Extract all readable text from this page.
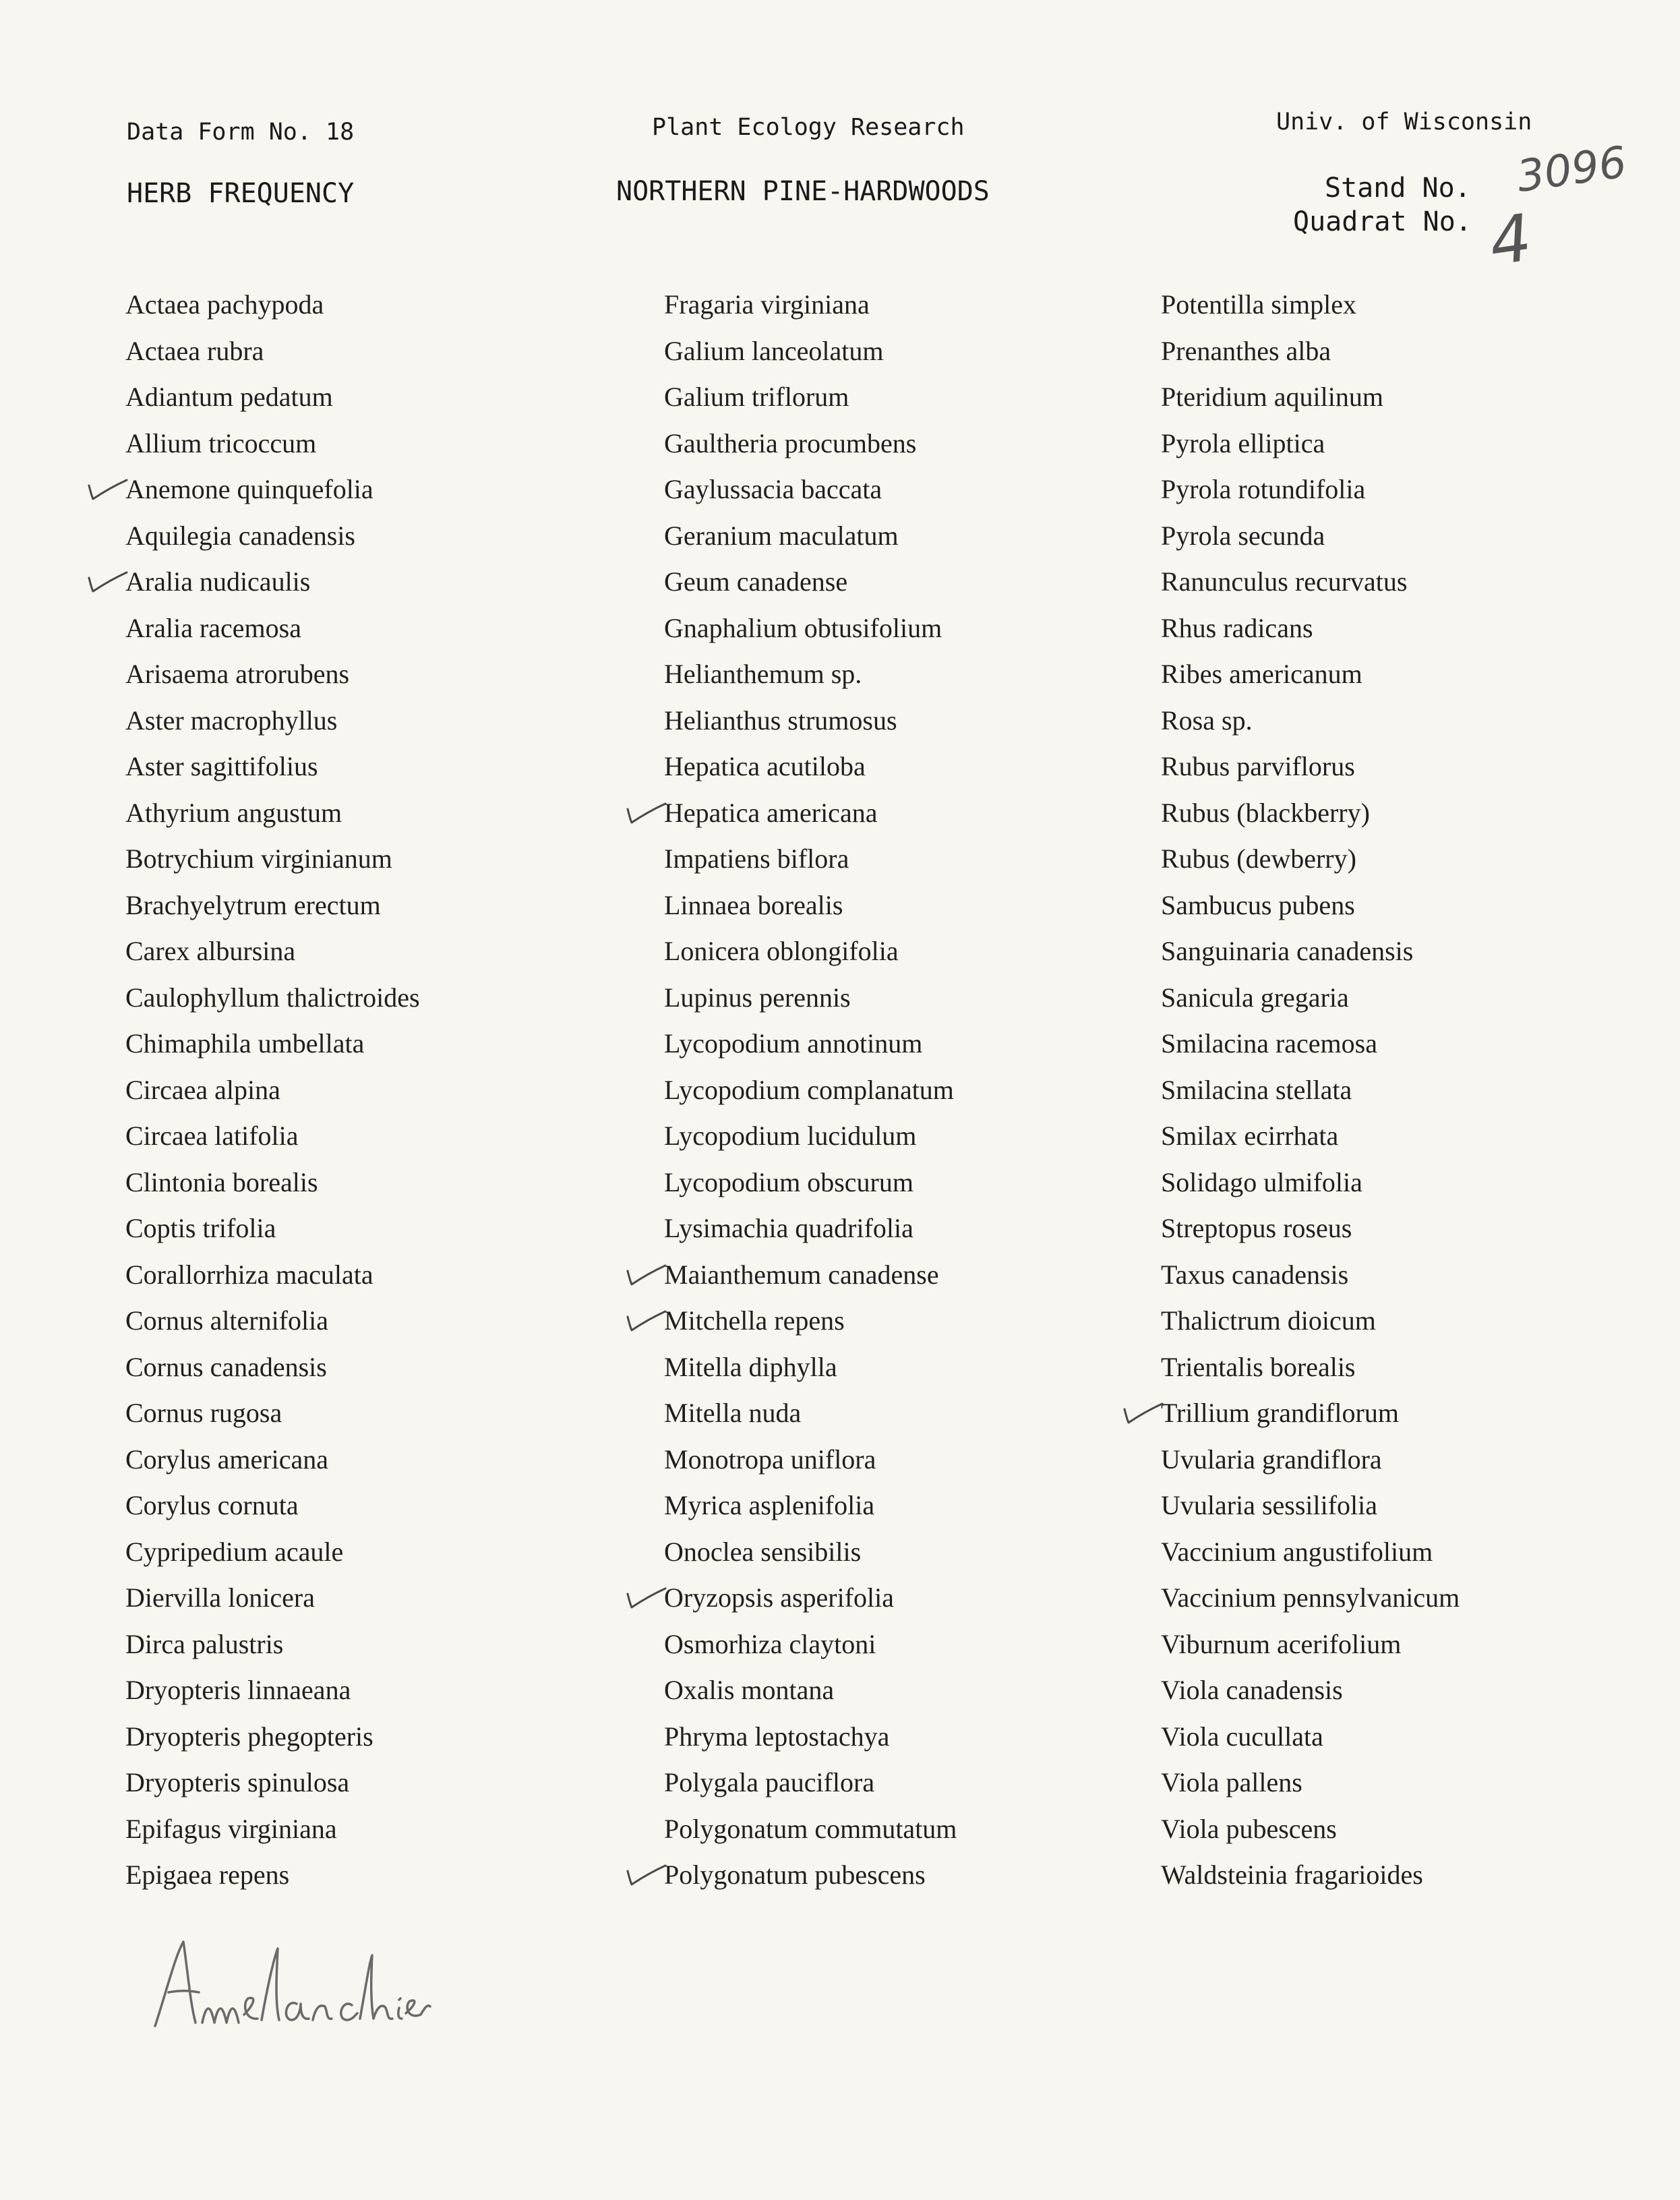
Data Form No. 18	Plant Ecology Research	Univ. of Wisconsin
HERB FREQUENCY	NORTHERN PINE-HARDWOODS	Stand No.
Quadrat No.
3096
4
Actaea pachypoda
Actaea rubra
Adiantum pedatum
Allium tricoccum
Anemone quinquefolia
Aquilegia canadensis
Aralia nudicaulis
Aralia racemosa
Arisaema atrorubens
Aster macrophyllus
Aster sagittifolius
Athyrium angustum
Botrychium virginianum
Brachyelytrum erectum
Carex albursina
Caulophyllum thalictroides
Chimaphila umbellata
Circaea alpina
Circaea latifolia
Clintonia borealis
Coptis trifolia
Corallorrhiza maculata
Cornus alternifolia
Cornus canadensis
Cornus rugosa
Corylus americana
Corylus cornuta
Cypripedium acaule
Diervilla lonicera
Dirca palustris
Dryopteris linnaeana
Dryopteris phegopteris
Dryopteris spinulosa
Epifagus virginiana
Epigaea repens
Fragaria virginiana
Galium lanceolatum
Galium triflorum
Gaultheria procumbens
Gaylussacia baccata
Geranium maculatum
Geum canadense
Gnaphalium obtusifolium
Helianthemum sp.
Helianthus strumosus
Hepatica acutiloba
Hepatica americana
Impatiens biflora
Linnaea borealis
Lonicera oblongifolia
Lupinus perennis
Lycopodium annotinum
Lycopodium complanatum
Lycopodium lucidulum
Lycopodium obscurum
Lysimachia quadrifolia
Maianthemum canadense
Mitchella repens
Mitella diphylla
Mitella nuda
Monotropa uniflora
Myrica asplenifolia
Onoclea sensibilis
Oryzopsis asperifolia
Osmorhiza claytoni
Oxalis montana
Phryma leptostachya
Polygala pauciflora
Polygonatum commutatum
Polygonatum pubescens
Potentilla simplex
Prenanthes alba
Pteridium aquilinum
Pyrola elliptica
Pyrola rotundifolia
Pyrola secunda
Ranunculus recurvatus
Rhus radicans
Ribes americanum
Rosa sp.
Rubus parviflorus
Rubus (blackberry)
Rubus (dewberry)
Sambucus pubens
Sanguinaria canadensis
Sanicula gregaria
Smilacina racemosa
Smilacina stellata
Smilax ecirrhata
Solidago ulmifolia
Streptopus roseus
Taxus canadensis
Thalictrum dioicum
Trientalis borealis
Trillium grandiflorum
Uvularia grandiflora
Uvularia sessilifolia
Vaccinium angustifolium
Vaccinium pennsylvanicum
Viburnum acerifolium
Viola canadensis
Viola cucullata
Viola pallens
Viola pubescens
Waldsteinia fragarioides
